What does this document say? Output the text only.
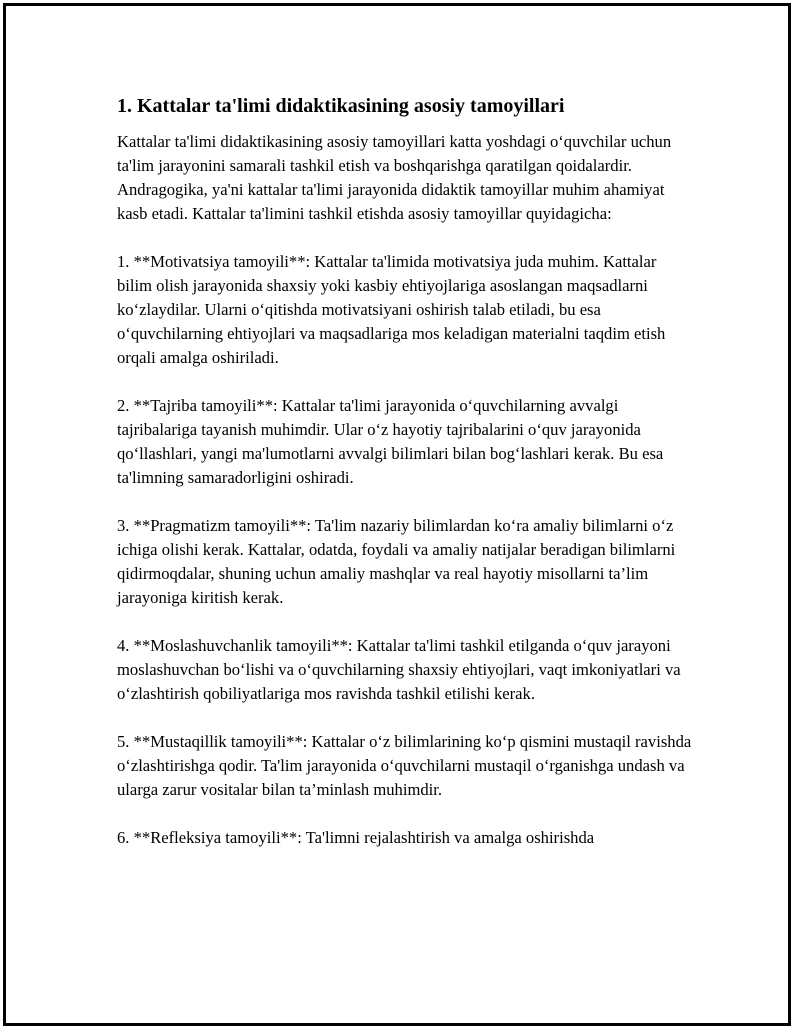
1. Kattalar ta'limi didaktikasining asosiy tamoyillari

Kattalar ta'limi didaktikasining asosiy tamoyillari katta yoshdagi o‘quvchilar uchun ta'lim jarayonini samarali tashkil etish va boshqarishga qaratilgan qoidalardir. Andragogika, ya'ni kattalar ta'limi jarayonida didaktik tamoyillar muhim ahamiyat kasb etadi. Kattalar ta'limini tashkil etishda asosiy tamoyillar quyidagicha:

1. **Motivatsiya tamoyili**: Kattalar ta'limida motivatsiya juda muhim. Kattalar bilim olish jarayonida shaxsiy yoki kasbiy ehtiyojlariga asoslangan maqsadlarni ko‘zlaydilar. Ularni o‘qitishda motivatsiyani oshirish talab etiladi, bu esa o‘quvchilarning ehtiyojlari va maqsadlariga mos keladigan materialni taqdim etish orqali amalga oshiriladi.

2. **Tajriba tamoyili**: Kattalar ta'limi jarayonida o‘quvchilarning avvalgi tajribalariga tayanish muhimdir. Ular o‘z hayotiy tajribalarini o‘quv jarayonida qo‘llashlari, yangi ma'lumotlarni avvalgi bilimlari bilan bog‘lashlari kerak. Bu esa ta'limning samaradorligini oshiradi.

3. **Pragmatizm tamoyili**: Ta'lim nazariy bilimlardan ko‘ra amaliy bilimlarni o‘z ichiga olishi kerak. Kattalar, odatda, foydali va amaliy natijalar beradigan bilimlarni qidirmoqdalar, shuning uchun amaliy mashqlar va real hayotiy misollarni ta’lim jarayoniga kiritish kerak.

4. **Moslashuvchanlik tamoyili**: Kattalar ta'limi tashkil etilganda o‘quv jarayoni moslashuvchan bo‘lishi va o‘quvchilarning shaxsiy ehtiyojlari, vaqt imkoniyatlari va o‘zlashtirish qobiliyatlariga mos ravishda tashkil etilishi kerak.

5. **Mustaqillik tamoyili**: Kattalar o‘z bilimlarining ko‘p qismini mustaqil ravishda o‘zlashtirishga qodir. Ta'lim jarayonida o‘quvchilarni mustaqil o‘rganishga undash va ularga zarur vositalar bilan ta’minlash muhimdir.

6. **Refleksiya tamoyili**: Ta'limni rejalashtirish va amalga oshirishda
